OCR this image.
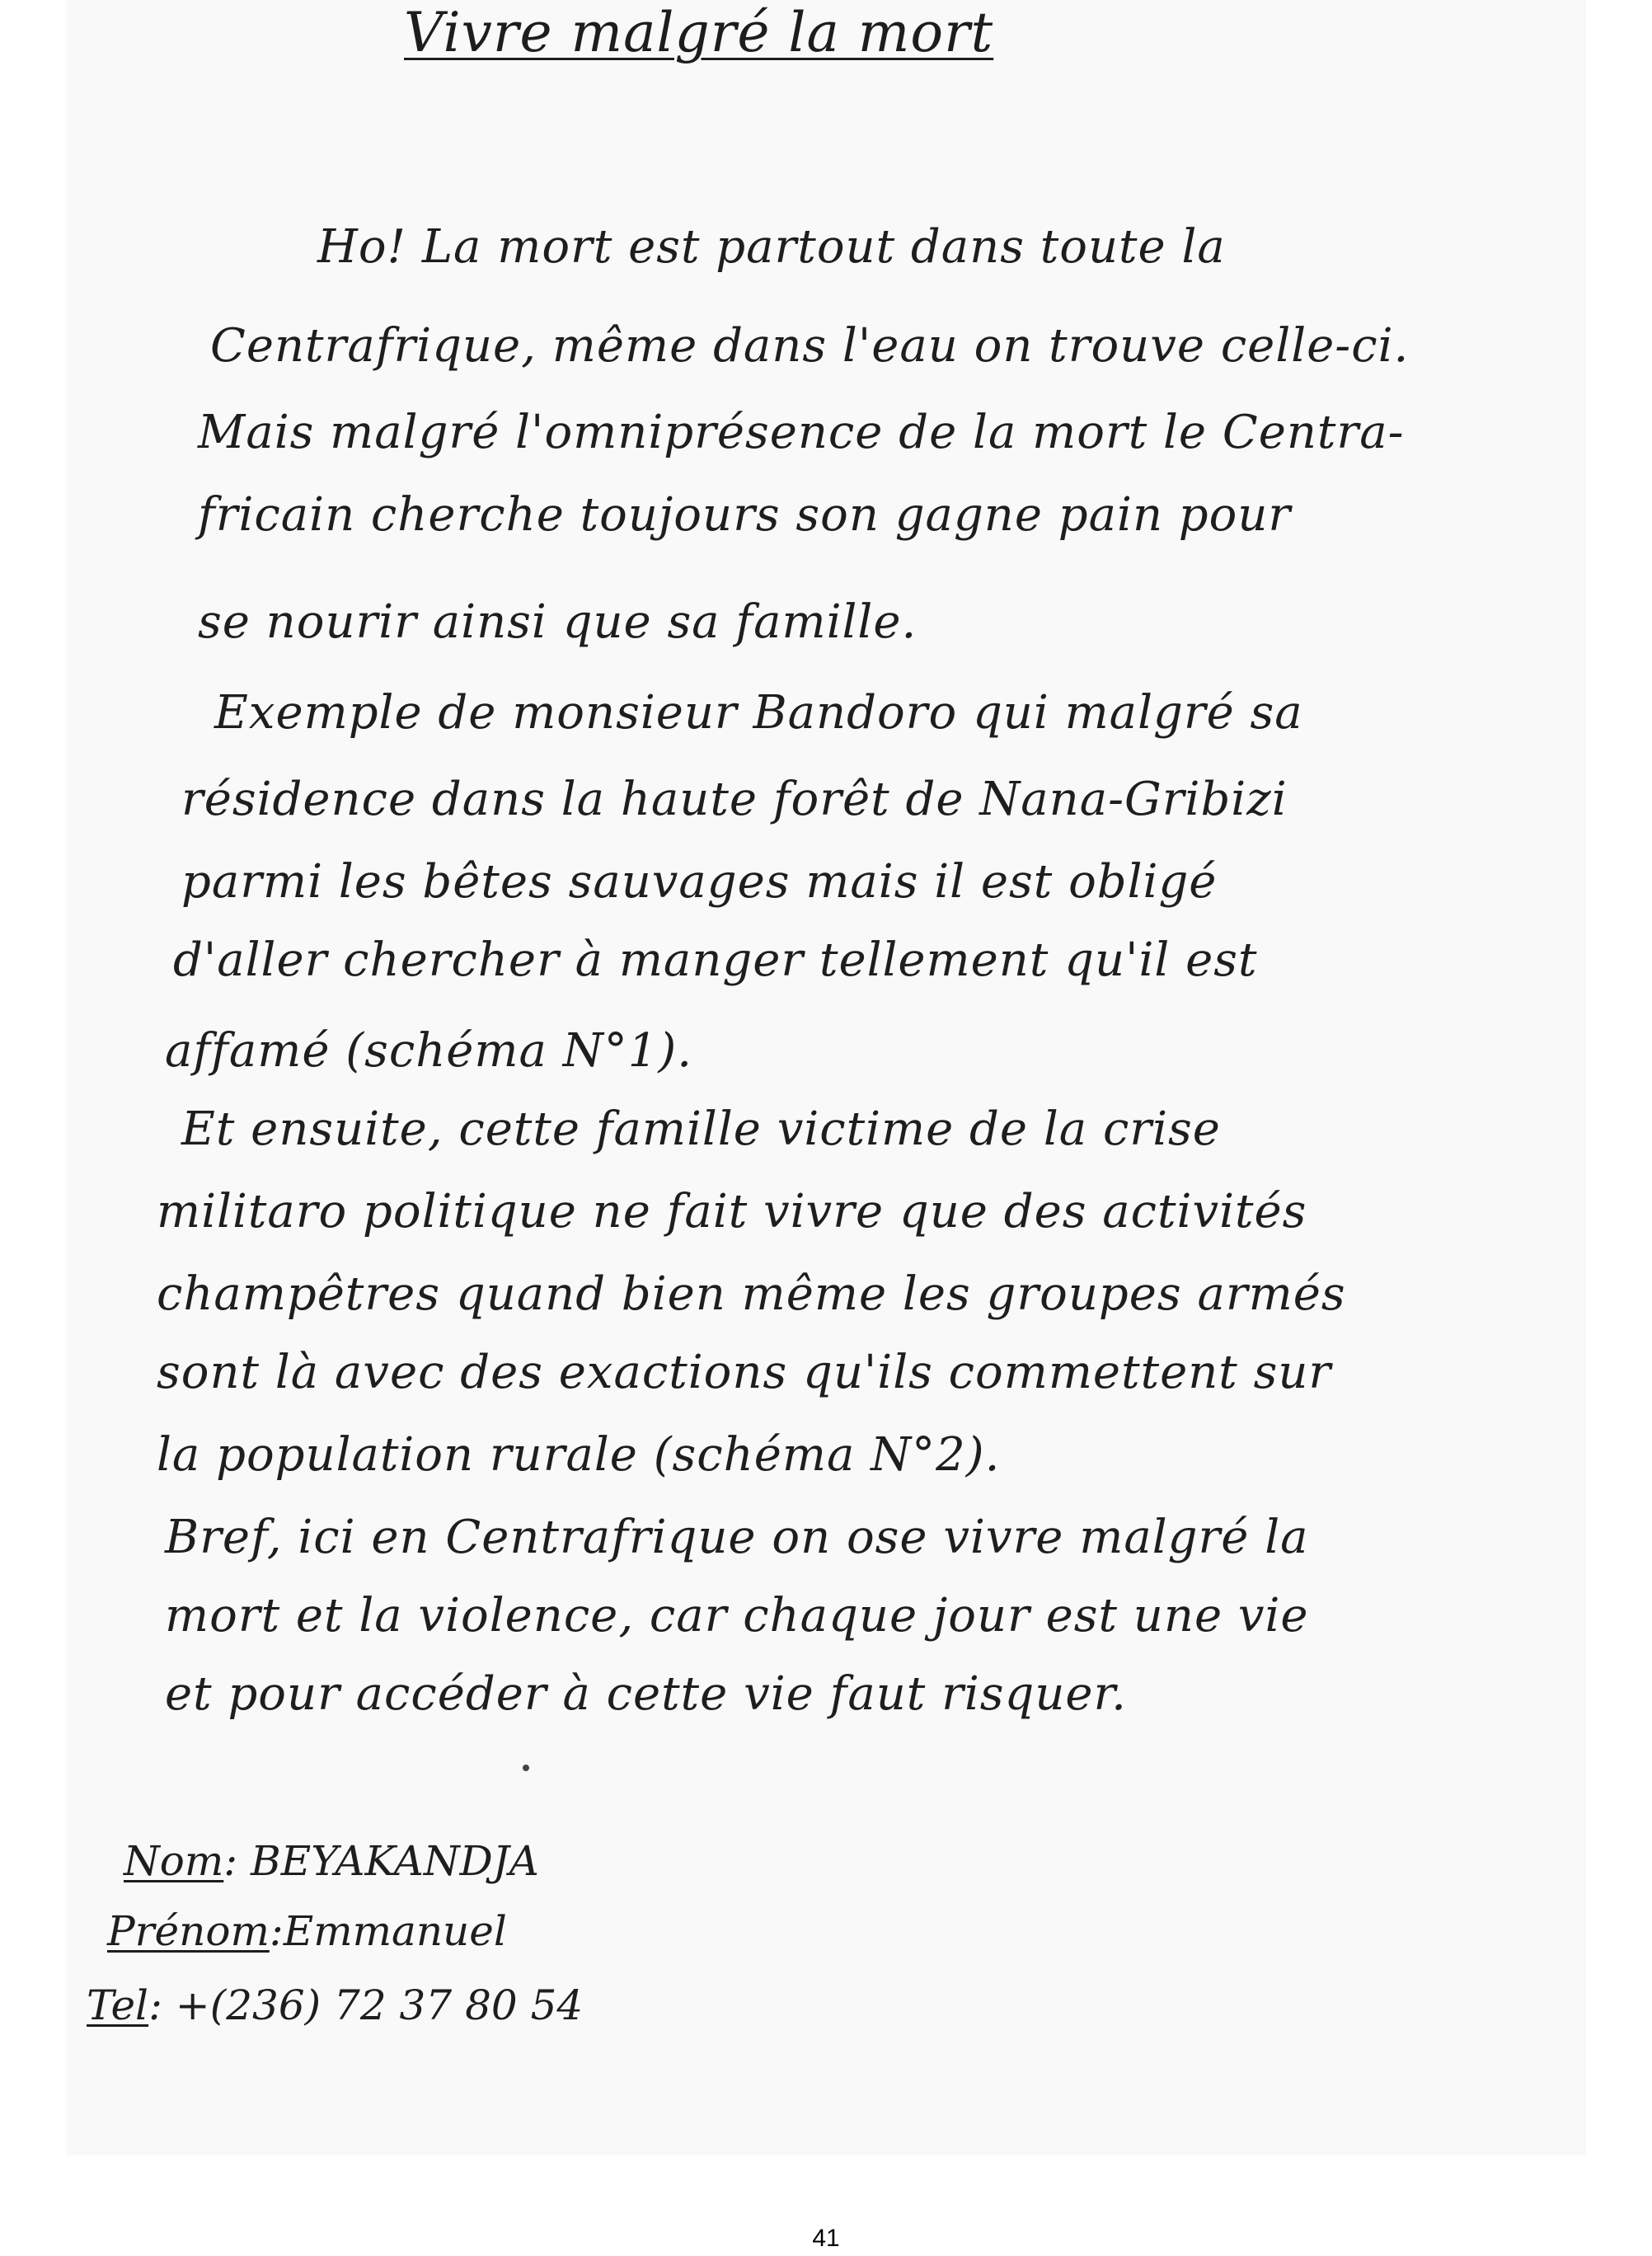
Vivre malgré la mort
Ho! La mort est partout dans toute la
Centrafrique, même dans l'eau on trouve celle-ci.
Mais malgré l'omniprésence de la mort le Centra-
fricain cherche toujours son gagne pain pour
se nourir ainsi que sa famille.
Exemple de monsieur Bandoro qui malgré sa
résidence dans la haute forêt de Nana-Gribizi
parmi les bêtes sauvages mais il est obligé
d'aller chercher à manger tellement qu'il est
affamé (schéma N°1).
Et ensuite, cette famille victime de la crise
militaro politique ne fait vivre que des activités
champêtres quand bien même les groupes armés
sont là avec des exactions qu'ils commettent sur
la population rurale (schéma N°2).
Bref, ici en Centrafrique on ose vivre malgré la
mort et la violence, car chaque jour est une vie
et pour accéder à cette vie faut risquer.
Nom: BEYAKANDJA
Prénom:Emmanuel
Tel: +(236) 72 37 80 54
41
